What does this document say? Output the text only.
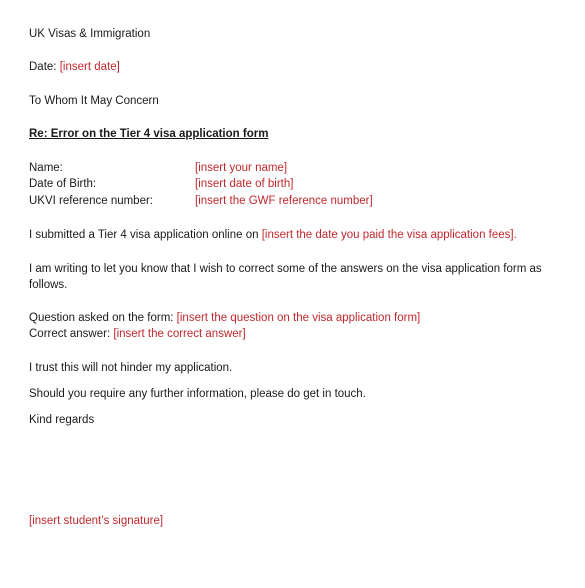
UK Visas & Immigration
Date: [insert date]
To Whom It May Concern
Re: Error on the Tier 4 visa application form
Name:	[insert your name]
Date of Birth:	[insert date of birth]
UKVI reference number:	[insert the GWF reference number]
I submitted a Tier 4 visa application online on [insert the date you paid the visa application fees].
I am writing to let you know that I wish to correct some of the answers on the visa application form as follows.
Question asked on the form: [insert the question on the visa application form]
Correct answer: [insert the correct answer]
I trust this will not hinder my application.
Should you require any further information, please do get in touch.
Kind regards
[insert student’s signature]
